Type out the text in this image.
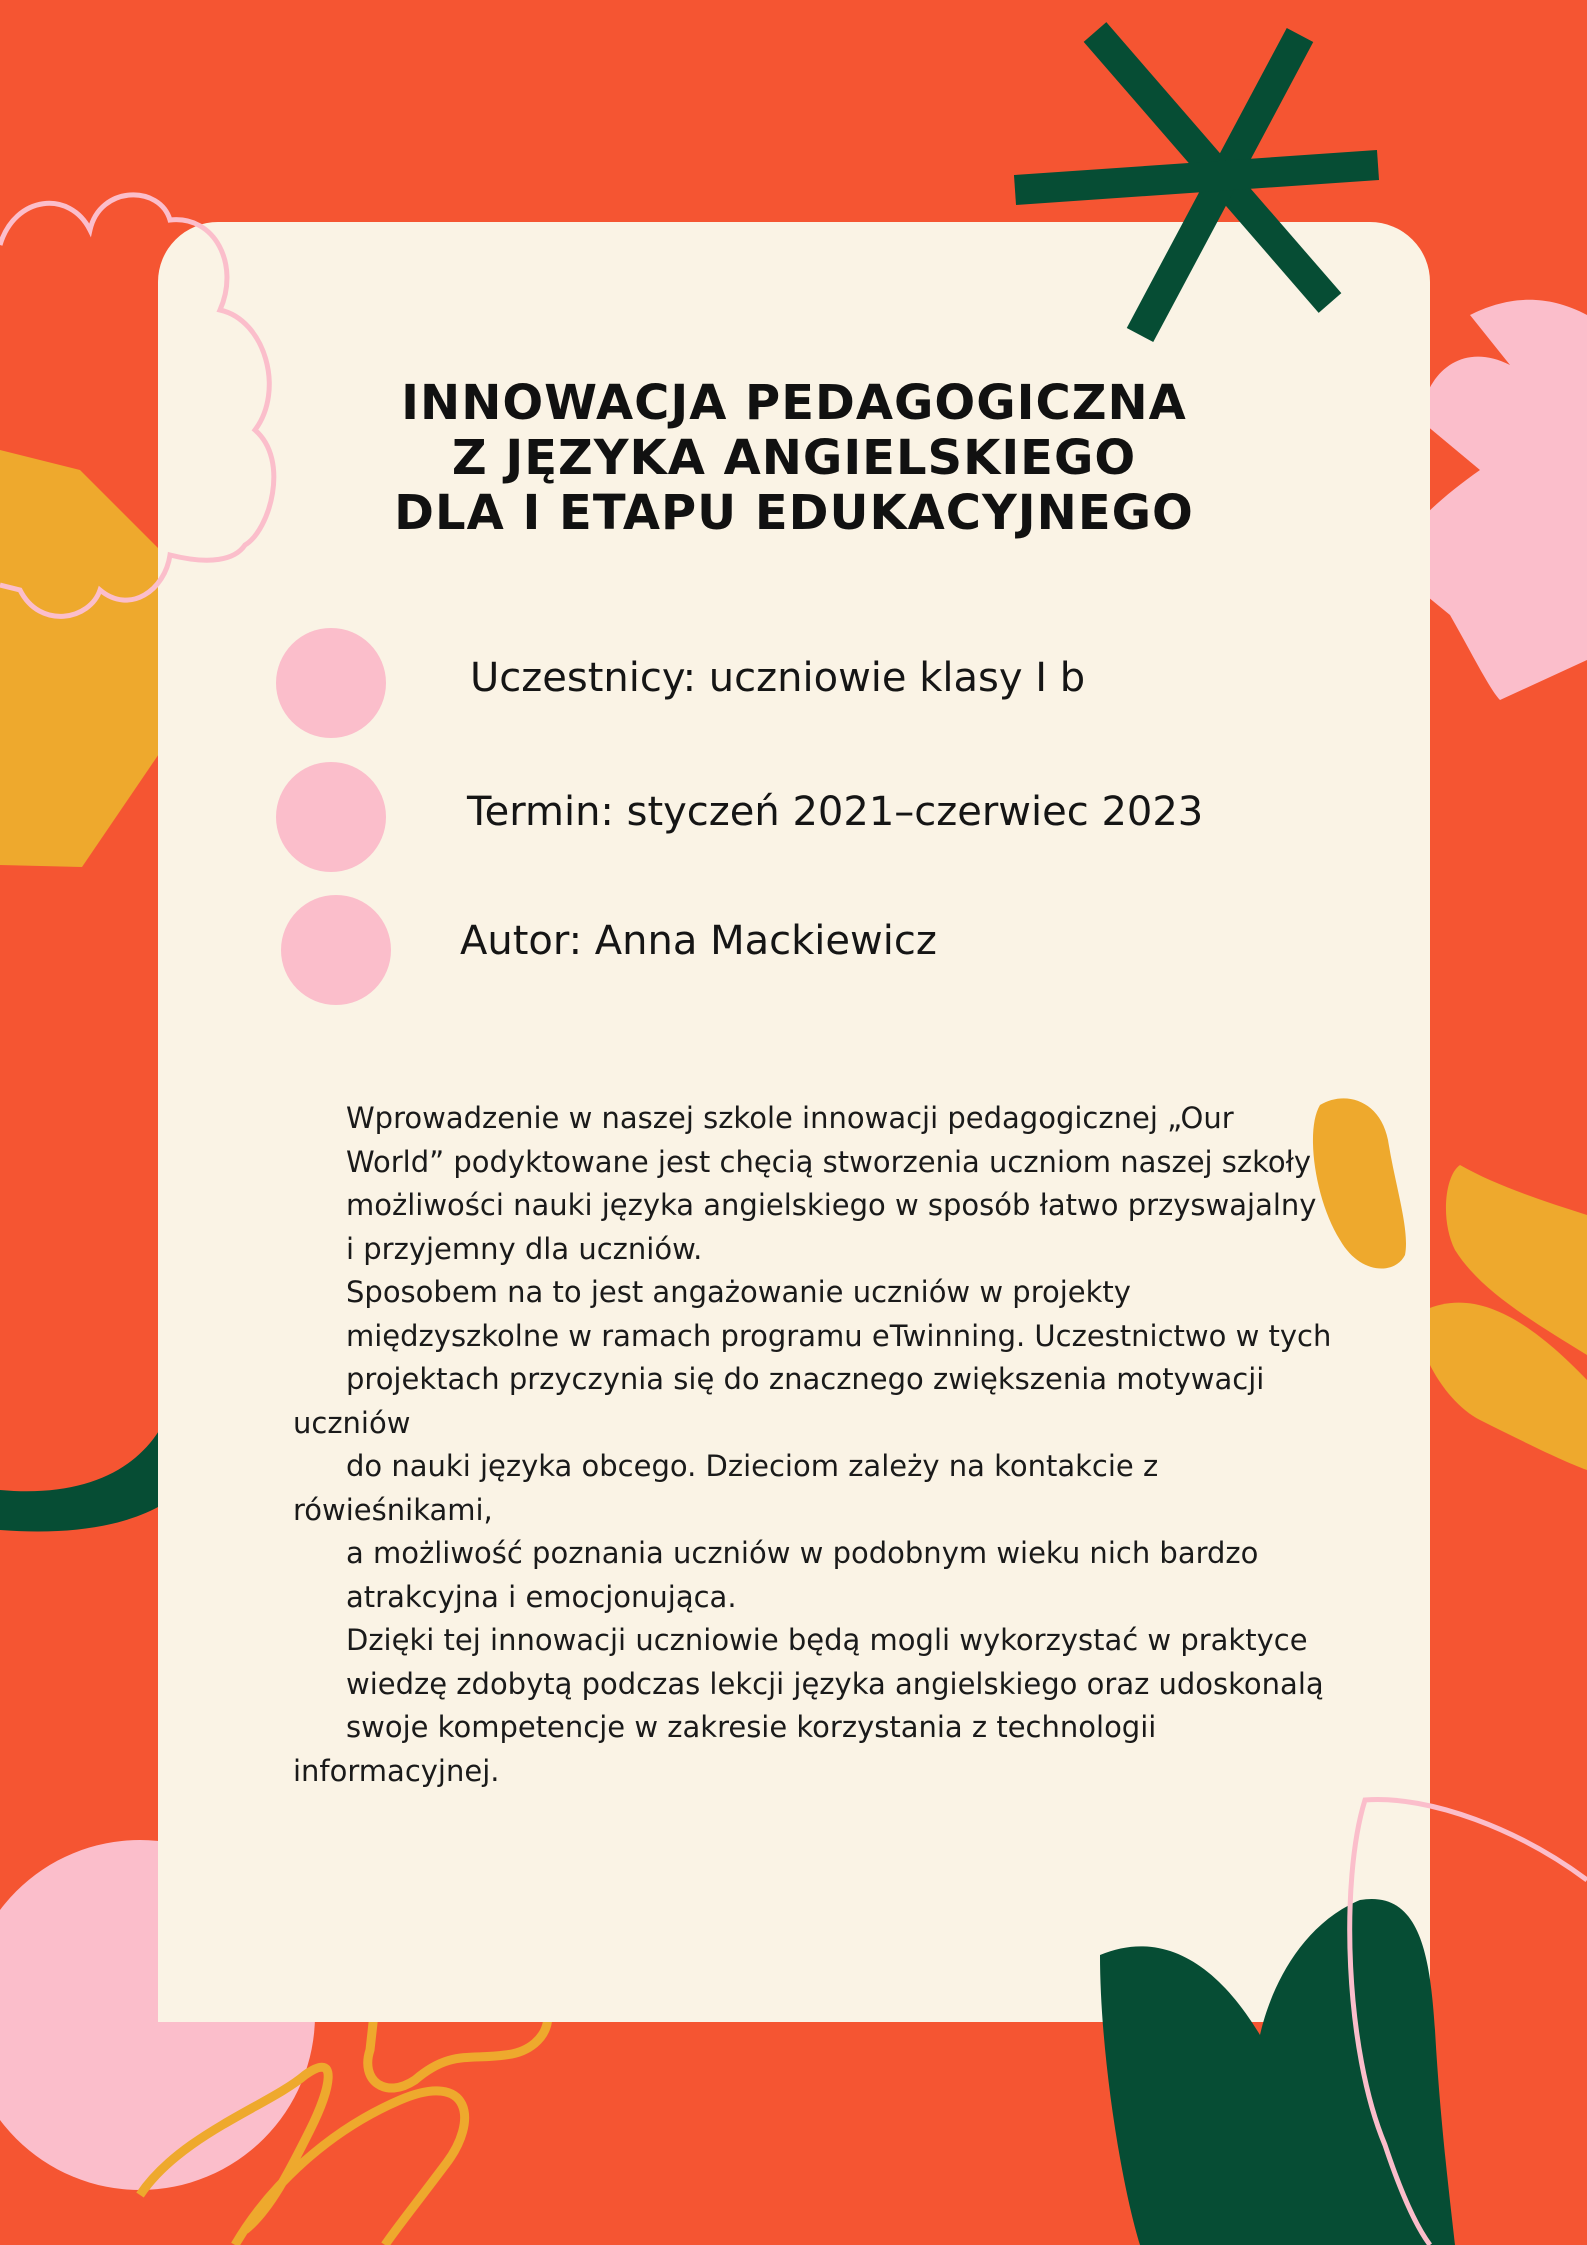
INNOWACJA PEDAGOGICZNA
Z JĘZYKA ANGIELSKIEGO
DLA I ETAPU EDUKACYJNEGO

Uczestnicy: uczniowie klasy I b

Termin: styczeń 2021–czerwiec 2023

Autor: Anna Mackiewicz

Wprowadzenie w naszej szkole innowacji pedagogicznej „Our
World” podyktowane jest chęcią stworzenia uczniom naszej szkoły
możliwości nauki języka angielskiego w sposób łatwo przyswajalny
i przyjemny dla uczniów.

Sposobem na to jest angażowanie uczniów w projekty
międzyszkolne w ramach programu eTwinning. Uczestnictwo w tych
projektach przyczynia się do znacznego zwiększenia motywacji uczniów
do nauki języka obcego. Dzieciom zależy na kontakcie z rówieśnikami,
a możliwość poznania uczniów w podobnym wieku nich bardzo
atrakcyjna i emocjonująca.

Dzięki tej innowacji uczniowie będą mogli wykorzystać w praktyce
wiedzę zdobytą podczas lekcji języka angielskiego oraz udoskonalą
swoje kompetencje w zakresie korzystania z technologii informacyjnej.
